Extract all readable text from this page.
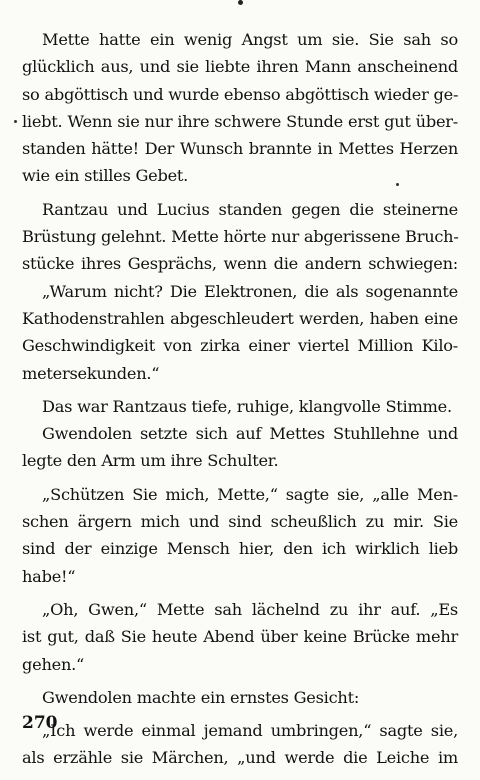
Mette hatte ein wenig Angst um sie. Sie sah so
glücklich aus, und sie liebte ihren Mann anscheinend
so abgöttisch und wurde ebenso abgöttisch wieder ge-
liebt. Wenn sie nur ihre schwere Stunde erst gut über-
standen hätte! Der Wunsch brannte in Mettes Herzen
wie ein stilles Gebet.
Rantzau und Lucius standen gegen die steinerne
Brüstung gelehnt. Mette hörte nur abgerissene Bruch-
stücke ihres Gesprächs, wenn die andern schwiegen:
„Warum nicht? Die Elektronen, die als sogenannte
Kathodenstrahlen abgeschleudert werden, haben eine
Geschwindigkeit von zirka einer viertel Million Kilo-
metersekunden.“
Das war Rantzaus tiefe, ruhige, klangvolle Stimme.
Gwendolen setzte sich auf Mettes Stuhllehne und
legte den Arm um ihre Schulter.
„Schützen Sie mich, Mette,“ sagte sie, „alle Men-
schen ärgern mich und sind scheußlich zu mir. Sie
sind der einzige Mensch hier, den ich wirklich lieb
habe!“
„Oh, Gwen,“ Mette sah lächelnd zu ihr auf. „Es
ist gut, daß Sie heute Abend über keine Brücke mehr
gehen.“
Gwendolen machte ein ernstes Gesicht:
„Ich werde einmal jemand umbringen,“ sagte sie,
als erzähle sie Märchen, „und werde die Leiche im
270
